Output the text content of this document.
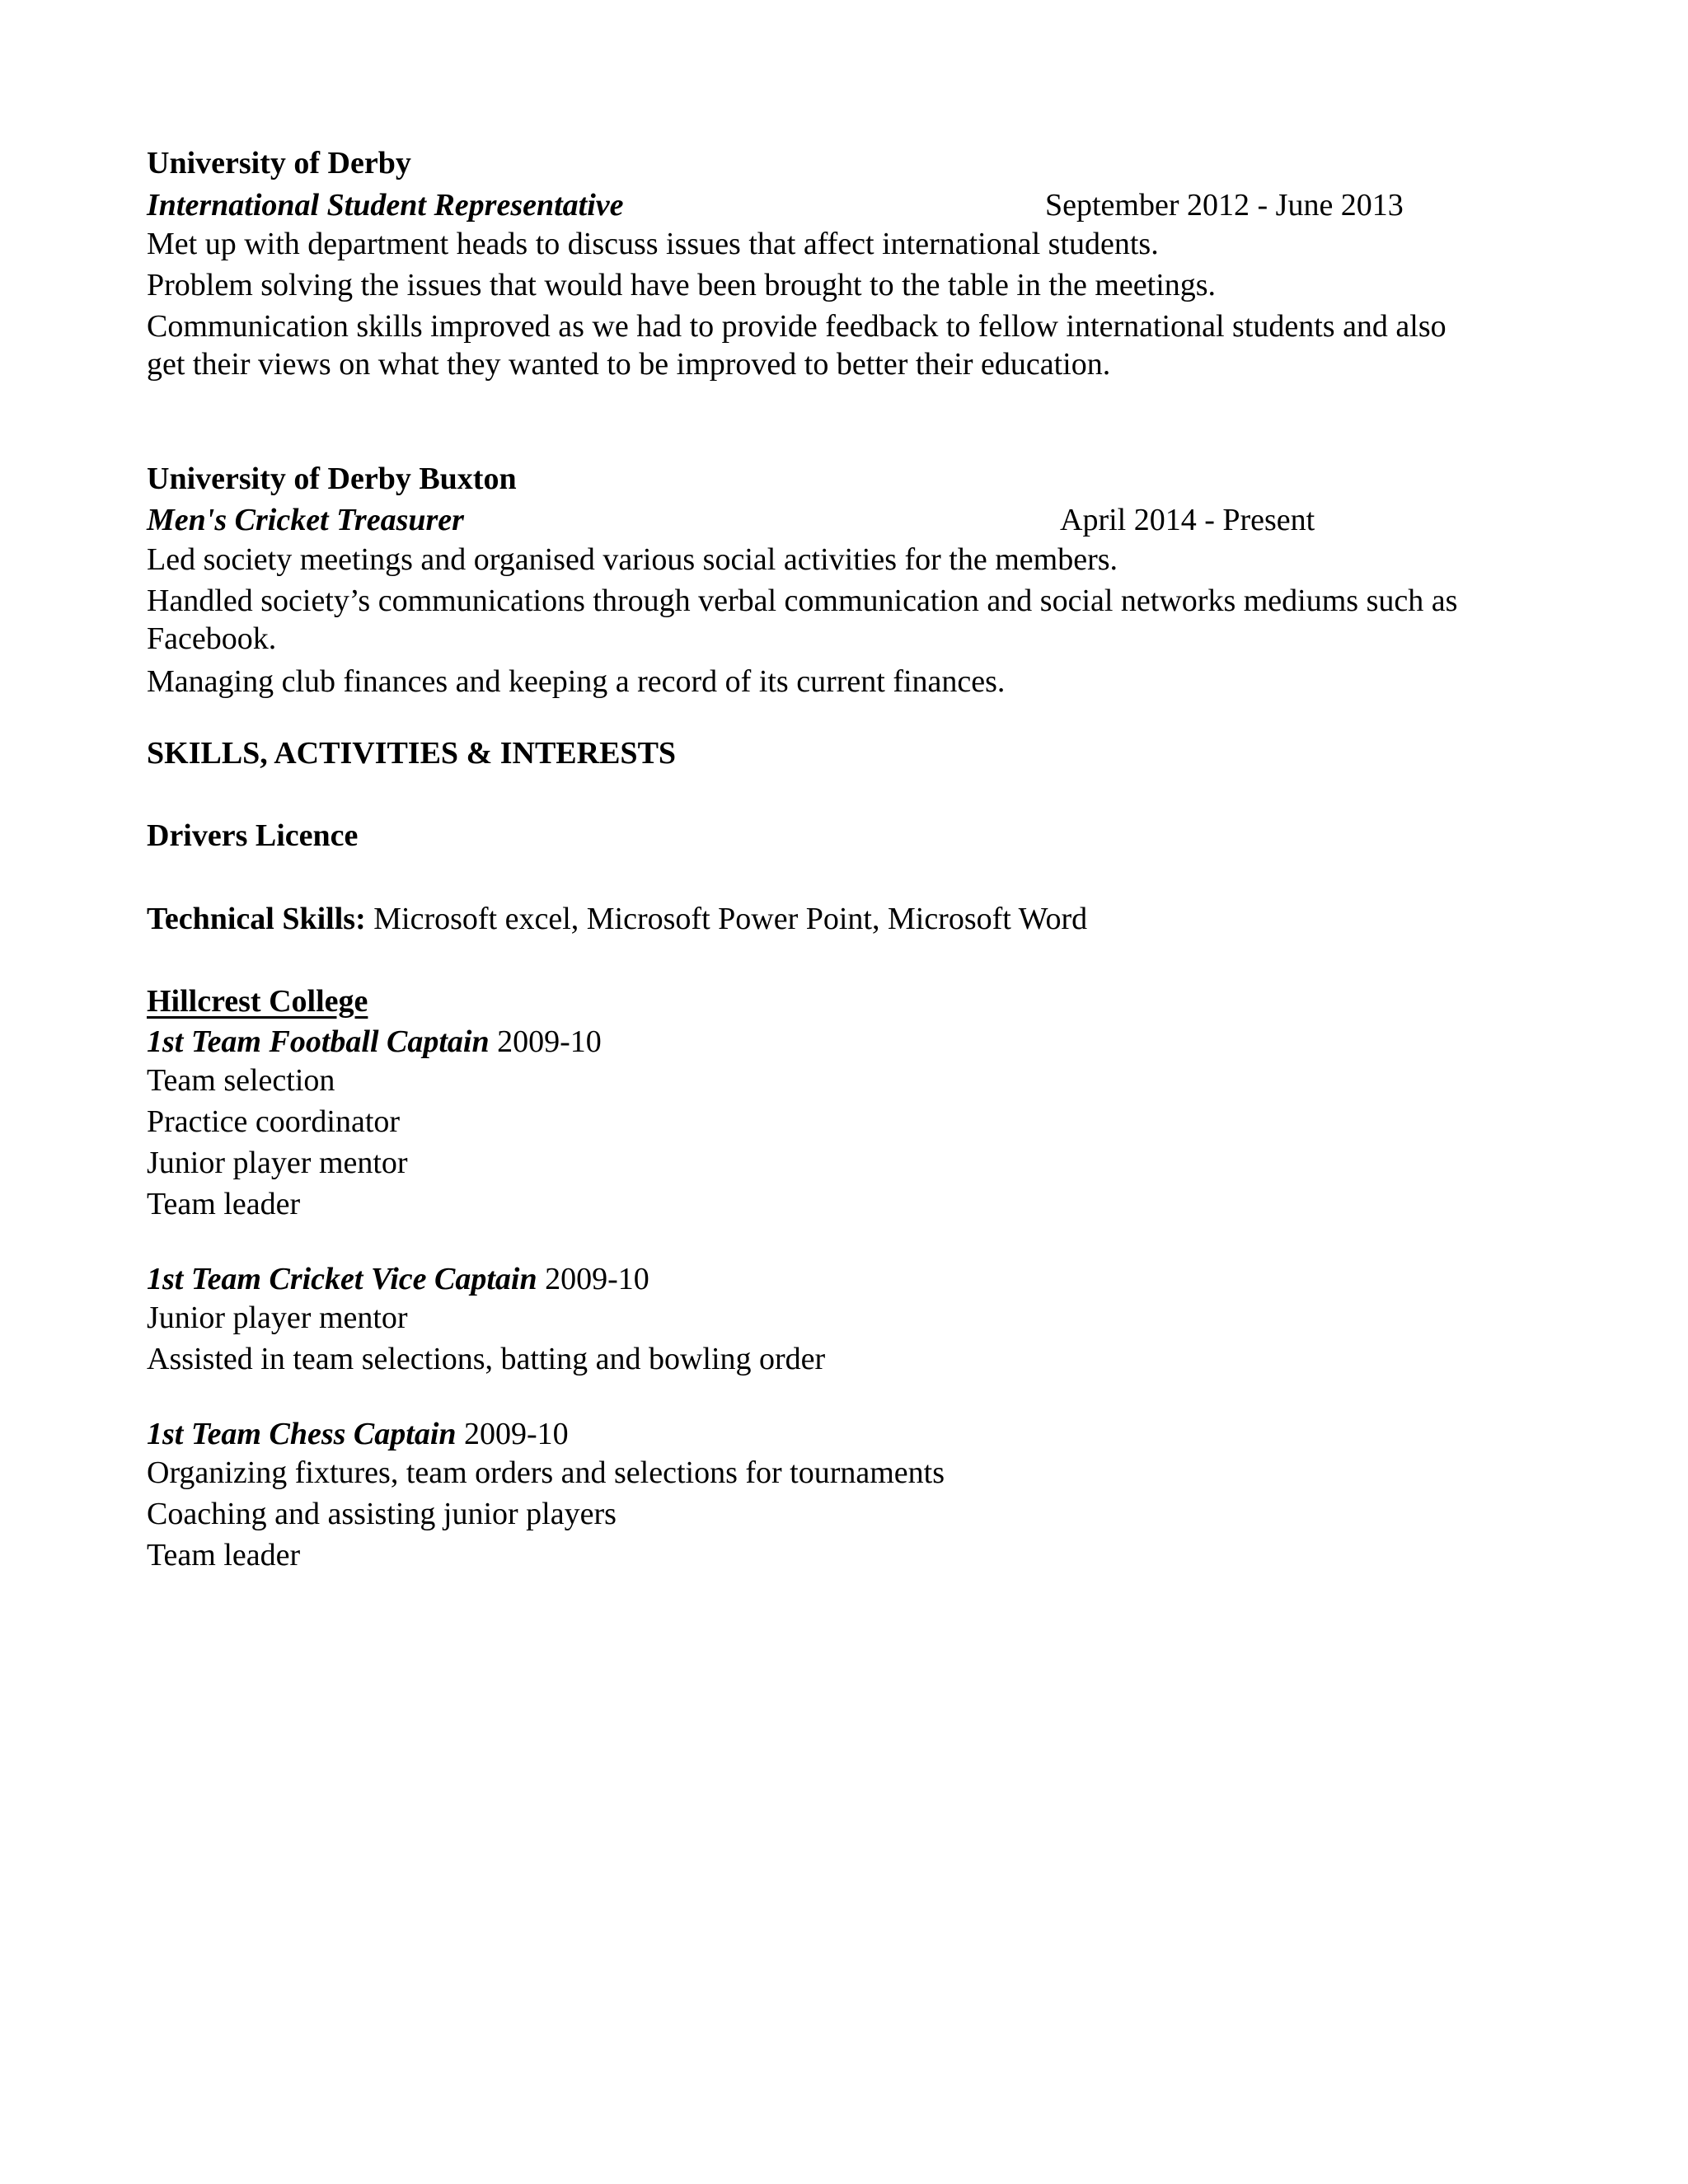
University of Derby
International Student Representative	September 2012 - June 2013
Met up with department heads to discuss issues that affect international students.
Problem solving the issues that would have been brought to the table in the meetings.
Communication skills improved as we had to provide feedback to fellow international students and also
get their views on what they wanted to be improved to better their education.
University of Derby Buxton
Men's Cricket Treasurer	April 2014 - Present
Led society meetings and organised various social activities for the members.
Handled society’s communications through verbal communication and social networks mediums such as
Facebook.
Managing club finances and keeping a record of its current finances.
SKILLS, ACTIVITIES & INTERESTS
Drivers Licence
Technical Skills: Microsoft excel, Microsoft Power Point, Microsoft Word
Hillcrest College
1st Team Football Captain 2009-10
Team selection
Practice coordinator
Junior player mentor
Team leader
1st Team Cricket Vice Captain 2009-10
Junior player mentor
Assisted in team selections, batting and bowling order
1st Team Chess Captain 2009-10
Organizing fixtures, team orders and selections for tournaments
Coaching and assisting junior players
Team leader
